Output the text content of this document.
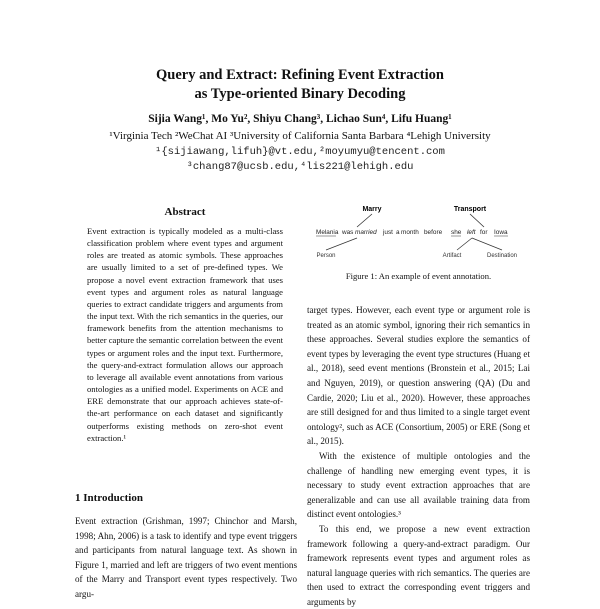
Query and Extract: Refining Event Extraction
as Type-oriented Binary Decoding
Sijia Wang¹, Mo Yu², Shiyu Chang³, Lichao Sun⁴, Lifu Huang¹
¹Virginia Tech ²WeChat AI ³University of California Santa Barbara ⁴Lehigh University
¹{sijiawang,lifuh}@vt.edu,²moyumyu@tencent.com
³chang87@ucsb.edu,⁴lis221@lehigh.edu
Abstract

Event extraction is typically modeled as a multi-class classification problem where event types and argument roles are treated as atomic symbols. These approaches are usually limited to a set of pre-defined types. We propose a novel event extraction framework that uses event types and argument roles as natural language queries to extract candidate triggers and arguments from the input text. With the rich semantics in the queries, our framework benefits from the attention mechanisms to better capture the semantic correlation between the event types or argument roles and the input text. Furthermore, the query-and-extract formulation allows our approach to leverage all available event annotations from various ontologies as a unified model. Experiments on ACE and ERE demonstrate that our approach achieves state-of-the-art performance on each dataset and significantly outperforms existing methods on zero-shot event extraction.¹

1 Introduction

Event extraction (Grishman, 1997; Chinchor and Marsh, 1998; Ahn, 2006) is a task to identify and type event triggers and participants from natural language text. As shown in Figure 1, married and left are triggers of two event mentions of the Marry and Transport event types respectively. Two argu-

Marry	Transport
Melania was married just a month before she left for Iowa
Person	Artifact	Destination
Figure 1: An example of event annotation.

target types. However, each event type or argument role is treated as an atomic symbol, ignoring their rich semantics in these approaches. Several studies explore the semantics of event types by leveraging the event type structures (Huang et al., 2018), seed event mentions (Bronstein et al., 2015; Lai and Nguyen, 2019), or question answering (QA) (Du and Cardie, 2020; Liu et al., 2020). However, these approaches are still designed for and thus limited to a single target event ontology², such as ACE (Consortium, 2005) or ERE (Song et al., 2015).

With the existence of multiple ontologies and the challenge of handling new emerging event types, it is necessary to study event extraction approaches that are generalizable and can use all available training data from distinct event ontologies.³

To this end, we propose a new event extraction framework following a query-and-extract paradigm. Our framework represents event types and argument roles as natural language queries with rich semantics. The queries are then used to extract the corresponding event triggers and arguments by
